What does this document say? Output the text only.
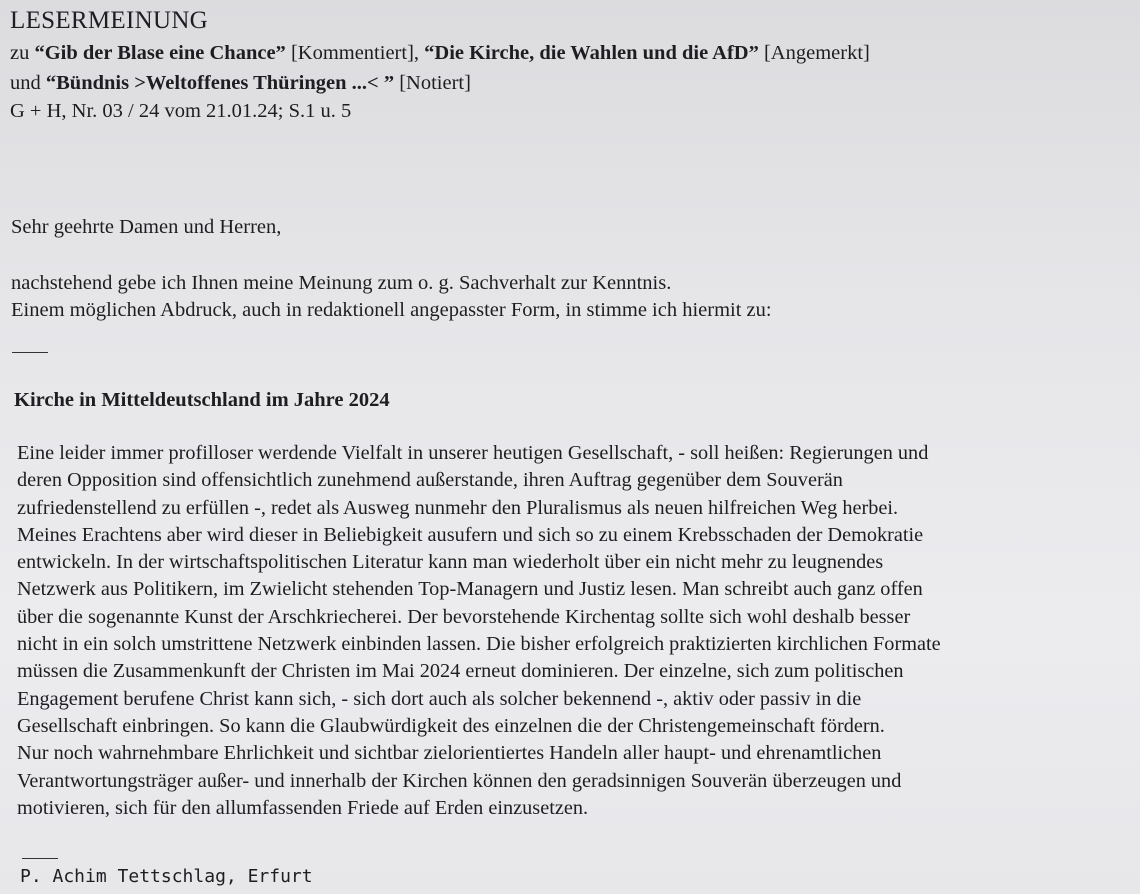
LESERMEINUNG
zu “Gib der Blase eine Chance” [Kommentiert], “Die Kirche, die Wahlen und die AfD” [Angemerkt]
und “Bündnis >Weltoffenes Thüringen ...< ” [Notiert]
G + H, Nr. 03 / 24 vom 21.01.24; S.1 u. 5
Sehr geehrte Damen und Herren,
nachstehend gebe ich Ihnen meine Meinung zum o. g. Sachverhalt zur Kenntnis.
Einem möglichen Abdruck, auch in redaktionell angepasster Form, in stimme ich hiermit zu:
Kirche in Mitteldeutschland im Jahre 2024
Eine leider immer profilloser werdende Vielfalt in unserer heutigen Gesellschaft, - soll heißen: Regierungen und
deren Opposition sind offensichtlich zunehmend außerstande, ihren Auftrag gegenüber dem Souverän
zufriedenstellend zu erfüllen -, redet als Ausweg nunmehr den Pluralismus als neuen hilfreichen Weg herbei.
Meines Erachtens aber wird dieser in Beliebigkeit ausufern und sich so zu einem Krebsschaden der Demokratie
entwickeln. In der wirtschaftspolitischen Literatur kann man wiederholt über ein nicht mehr zu leugnendes
Netzwerk aus Politikern, im Zwielicht stehenden Top-Managern und Justiz lesen. Man schreibt auch ganz offen
über die sogenannte Kunst der Arschkriecherei. Der bevorstehende Kirchentag sollte sich wohl deshalb besser
nicht in ein solch umstrittene Netzwerk einbinden lassen. Die bisher erfolgreich praktizierten kirchlichen Formate
müssen die Zusammenkunft der Christen im Mai 2024 erneut dominieren. Der einzelne, sich zum politischen
Engagement berufene Christ kann sich, - sich dort auch als solcher bekennend -, aktiv oder passiv in die
Gesellschaft einbringen. So kann die Glaubwürdigkeit des einzelnen die der Christengemeinschaft fördern.
Nur noch wahrnehmbare Ehrlichkeit und sichtbar zielorientiertes Handeln aller haupt- und ehrenamtlichen
Verantwortungsträger außer- und innerhalb der Kirchen können den geradsinnigen Souverän überzeugen und
motivieren, sich für den allumfassenden Friede auf Erden einzusetzen.
P. Achim Tettschlag, Erfurt
